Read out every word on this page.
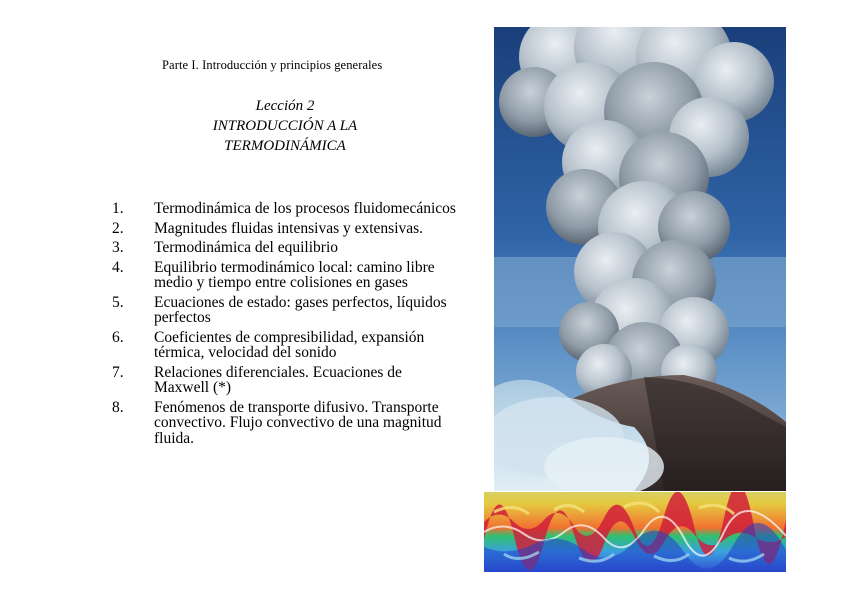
Parte I. Introducción y principios generales
Lección 2
INTRODUCCIÓN A LA
TERMODINÁMICA
1.	Termodinámica de los procesos fluidomecánicos
2.	Magnitudes fluidas intensivas y extensivas.
3.	Termodinámica del equilibrio
4.	Equilibrio termodinámico local: camino libre medio y tiempo entre colisiones en gases
5.	Ecuaciones de estado: gases perfectos, líquidos perfectos
6.	Coeficientes de compresibilidad, expansión térmica, velocidad del sonido
7.	Relaciones diferenciales. Ecuaciones de Maxwell (*)
8.	Fenómenos de transporte difusivo. Transporte convectivo. Flujo convectivo de una magnitud fluida.
